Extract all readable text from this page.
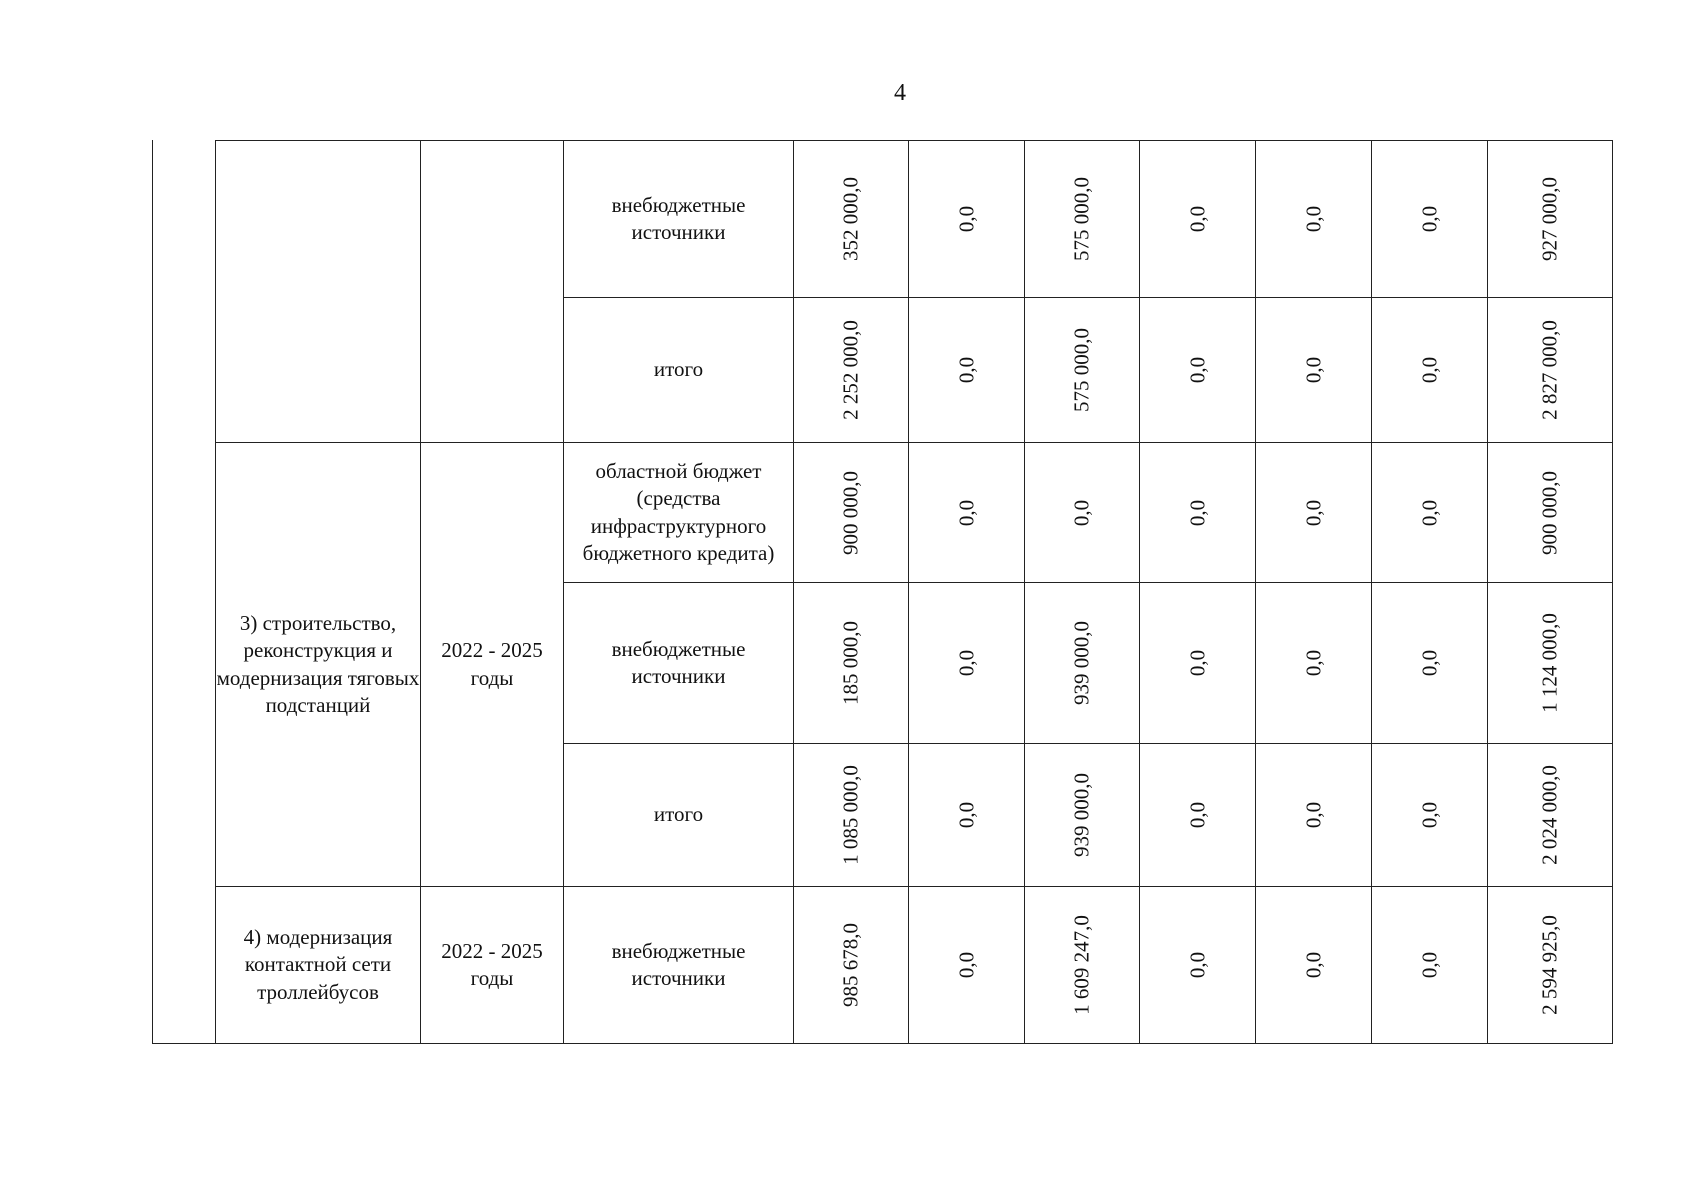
4
		внебюджетные источники	352 000,0	0,0	575 000,0	0,0	0,0	0,0	927 000,0

		итого	2 252 000,0	0,0	575 000,0	0,0	0,0	0,0	2 827 000,0

3) строительство, реконструкция и модернизация тяговых подстанций	2022 - 2025 годы	областной бюджет (средства инфраструктурного бюджетного кредита)	900 000,0	0,0	0,0	0,0	0,0	0,0	900 000,0

		внебюджетные источники	185 000,0	0,0	939 000,0	0,0	0,0	0,0	1 124 000,0

		итого	1 085 000,0	0,0	939 000,0	0,0	0,0	0,0	2 024 000,0

4) модернизация контактной сети троллейбусов	2022 - 2025 годы	внебюджетные источники	985 678,0	0,0	1 609 247,0	0,0	0,0	0,0	2 594 925,0
